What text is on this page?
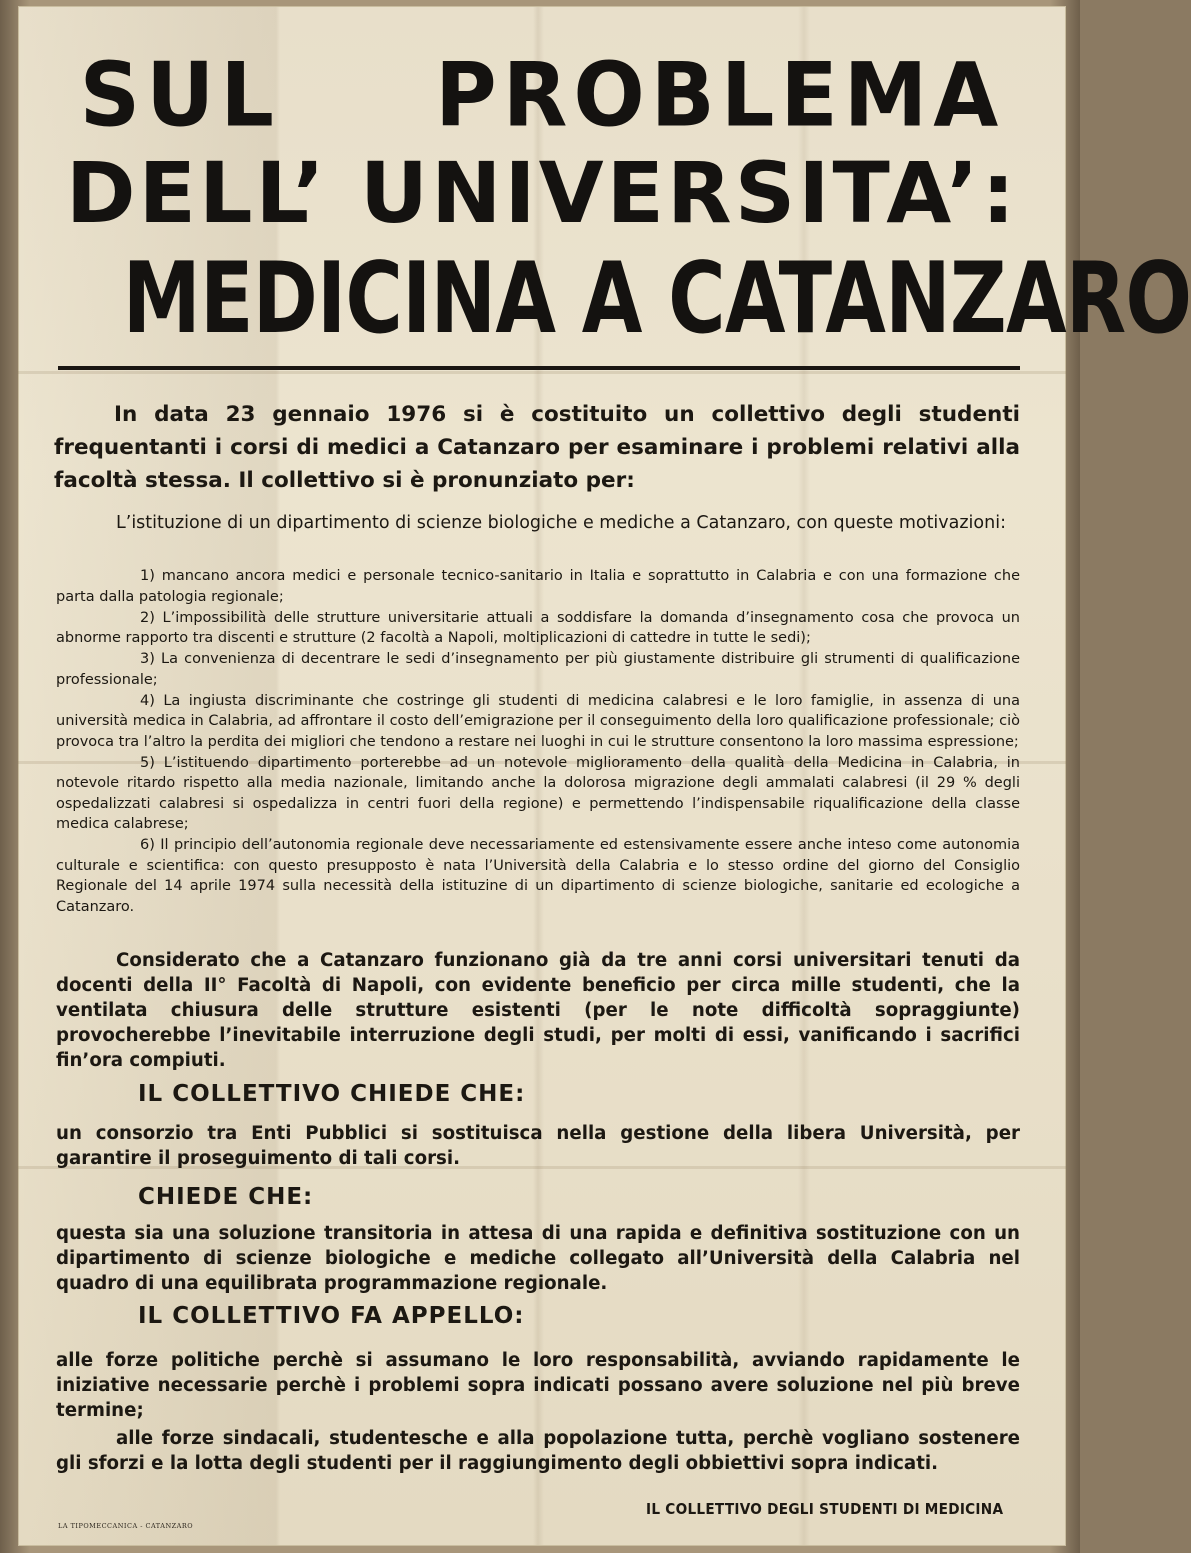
SUL PROBLEMA
DELL’ UNIVERSITA’:
MEDICINA A CATANZARO

In data 23 gennaio 1976 si è costituito un collettivo degli studenti frequentanti i corsi di medici a Catanzaro per esaminare i problemi relativi alla facoltà stessa. Il collettivo si è pronunziato per:

L’istituzione di un dipartimento di scienze biologiche e mediche a Catanzaro, con queste motivazioni:

1) mancano ancora medici e personale tecnico-sanitario in Italia e soprattutto in Calabria e con una formazione che parta dalla patologia regionale;
2) L’impossibilità delle strutture universitarie attuali a soddisfare la domanda d’insegnamento cosa che provoca un abnorme rapporto tra discenti e strutture (2 facoltà a Napoli, moltiplicazioni di cattedre in tutte le sedi);
3) La convenienza di decentrare le sedi d’insegnamento per più giustamente distribuire gli strumenti di qualificazione professionale;
4) La ingiusta discriminante che costringe gli studenti di medicina calabresi e le loro famiglie, in assenza di una università medica in Calabria, ad affrontare il costo dell’emigrazione per il conseguimento della loro qualificazione professionale; ciò provoca tra l’altro la perdita dei migliori che tendono a restare nei luoghi in cui le strutture consentono la loro massima espressione;
5) L’istituendo dipartimento porterebbe ad un notevole miglioramento della qualità della Medicina in Calabria, in notevole ritardo rispetto alla media nazionale, limitando anche la dolorosa migrazione degli ammalati calabresi (il 29 % degli ospedalizzati calabresi si ospedalizza in centri fuori della regione) e permettendo l’indispensabile riqualificazione della classe medica calabrese;
6) Il principio dell’autonomia regionale deve necessariamente ed estensivamente essere anche inteso come autonomia culturale e scientifica: con questo presupposto è nata l’Università della Calabria e lo stesso ordine del giorno del Consiglio Regionale del 14 aprile 1974 sulla necessità della istituzine di un dipartimento di scienze biologiche, sanitarie ed ecologiche a Catanzaro.

Considerato che a Catanzaro funzionano già da tre anni corsi universitari tenuti da docenti della II° Facoltà di Napoli, con evidente beneficio per circa mille studenti, che la ventilata chiusura delle strutture esistenti (per le note difficoltà sopraggiunte) provocherebbe l’inevitabile interruzione degli studi, per molti di essi, vanificando i sacrifici fin’ora compiuti.

IL COLLETTIVO CHIEDE CHE:

un consorzio tra Enti Pubblici si sostituisca nella gestione della libera Università, per garantire il proseguimento di tali corsi.

CHIEDE CHE:

questa sia una soluzione transitoria in attesa di una rapida e definitiva sostituzione con un dipartimento di scienze biologiche e mediche collegato all’Università della Calabria nel quadro di una equilibrata programmazione regionale.

IL COLLETTIVO FA APPELLO:

alle forze politiche perchè si assumano le loro responsabilità, avviando rapidamente le iniziative necessarie perchè i problemi sopra indicati possano avere soluzione nel più breve termine;

alle forze sindacali, studentesche e alla popolazione tutta, perchè vogliano sostenere gli sforzi e la lotta degli studenti per il raggiungimento degli obbiettivi sopra indicati.

LA TIPOMECCANICA - CATANZARO

IL COLLETTIVO DEGLI STUDENTI DI MEDICINA
